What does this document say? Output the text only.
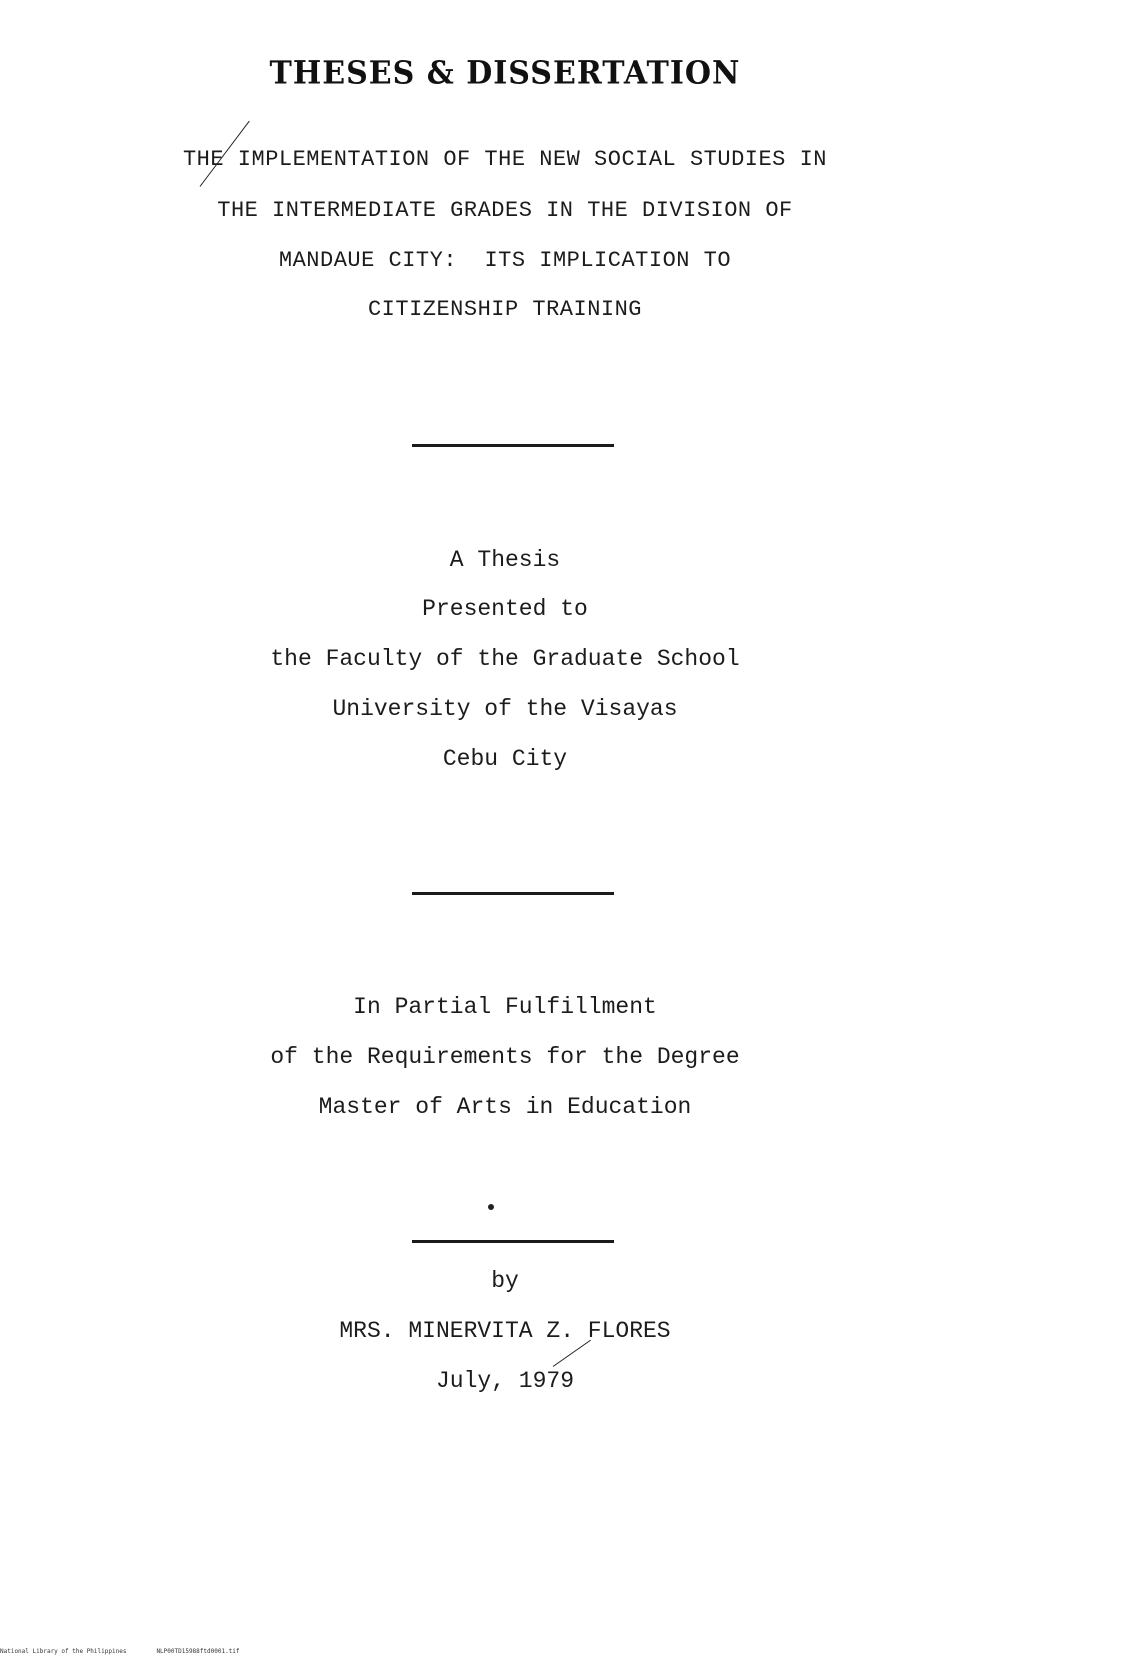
THESES & DISSERTATION
THE IMPLEMENTATION OF THE NEW SOCIAL STUDIES IN
THE INTERMEDIATE GRADES IN THE DIVISION OF
MANDAUE CITY:  ITS IMPLICATION TO
CITIZENSHIP TRAINING
A Thesis
Presented to
the Faculty of the Graduate School
University of the Visayas
Cebu City
In Partial Fulfillment
of the Requirements for the Degree
Master of Arts in Education
by
MRS. MINERVITA Z. FLORES
July, 1979
National Library of the Philippines	NLP00TD15988ftd0001.tif
